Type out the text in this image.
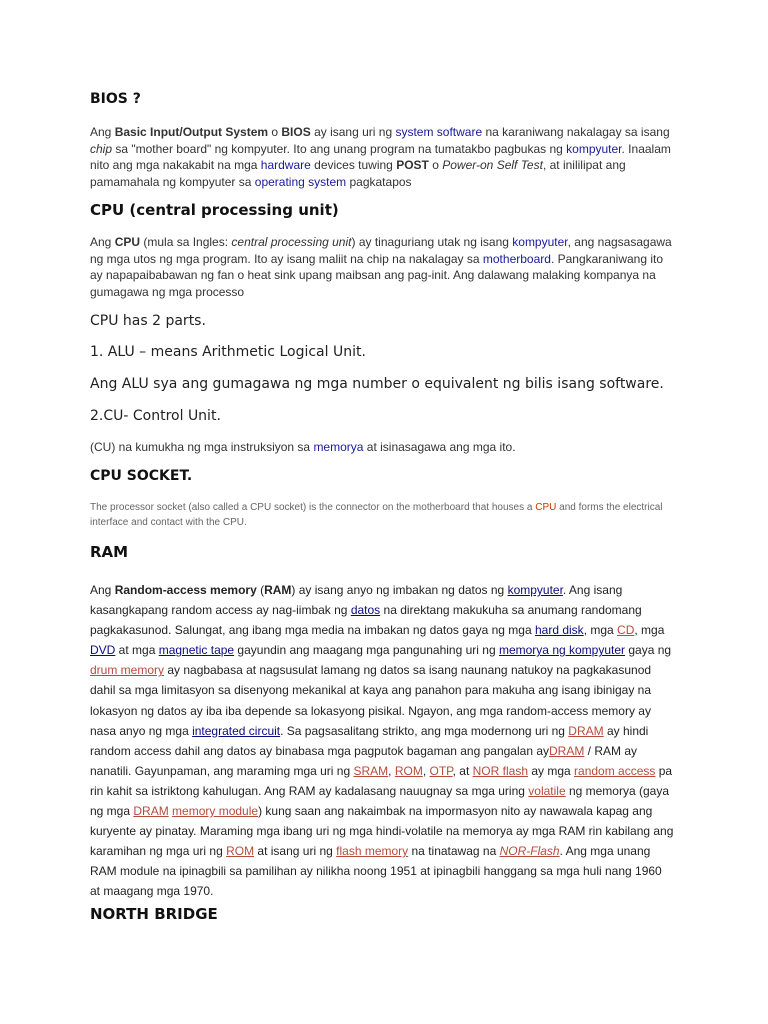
BIOS ?

Ang Basic Input/Output System o BIOS ay isang uri ng system software na karaniwang nakalagay sa isang chip sa "mother board" ng kompyuter. Ito ang unang program na tumatakbo pagbukas ng kompyuter. Inaalam nito ang mga nakakabit na mga hardware devices tuwing POST o Power-on Self Test, at inililipat ang pamamahala ng kompyuter sa operating system pagkatapos

CPU (central processing unit)

Ang CPU (mula sa Ingles: central processing unit) ay tinaguriang utak ng isang kompyuter, ang nagsasagawa ng mga utos ng mga program. Ito ay isang maliit na chip na nakalagay sa motherboard. Pangkaraniwang ito ay napapaibabawan ng fan o heat sink upang maibsan ang pag-init. Ang dalawang malaking kompanya na gumagawa ng mga processo

CPU has 2 parts.

1. ALU – means Arithmetic Logical Unit.

Ang ALU sya ang gumagawa ng mga number o equivalent ng bilis isang software.

2.CU- Control Unit.

(CU) na kumukha ng mga instruksiyon sa memorya at isinasagawa ang mga ito.

CPU SOCKET.

The processor socket (also called a CPU socket) is the connector on the motherboard that houses a CPU and forms the electrical interface and contact with the CPU.

RAM

Ang Random-access memory (RAM) ay isang anyo ng imbakan ng datos ng kompyuter. Ang isang kasangkapang random access ay nag-iimbak ng datos na direktang makukuha sa anumang randomang pagkakasunod. Salungat, ang ibang mga media na imbakan ng datos gaya ng mga hard disk, mga CD, mga DVD at mga magnetic tape gayundin ang maagang mga pangunahing uri ng memorya ng kompyuter gaya ng drum memory ay nagbabasa at nagsusulat lamang ng datos sa isang naunang natukoy na pagkakasunod dahil sa mga limitasyon sa disenyong mekanikal at kaya ang panahon para makuha ang isang ibinigay na lokasyon ng datos ay iba iba depende sa lokasyong pisikal. Ngayon, ang mga random-access memory ay nasa anyo ng mga integrated circuit. Sa pagsasalitang strikto, ang mga modernong uri ng DRAM ay hindi random access dahil ang datos ay binabasa mga pagputok bagaman ang pangalan ayDRAM / RAM ay nanatili. Gayunpaman, ang maraming mga uri ng SRAM, ROM, OTP, at NOR flash ay mga random access pa rin kahit sa istriktong kahulugan. Ang RAM ay kadalasang nauugnay sa mga uring volatile ng memorya (gaya ng mga DRAM memory module) kung saan ang nakaimbak na impormasyon nito ay nawawala kapag ang kuryente ay pinatay. Maraming mga ibang uri ng mga hindi-volatile na memorya ay mga RAM rin kabilang ang karamihan ng mga uri ng ROM at isang uri ng flash memory na tinatawag na NOR-Flash. Ang mga unang RAM module na ipinagbili sa pamilihan ay nilikha noong 1951 at ipinagbili hanggang sa mga huli nang 1960 at maagang mga 1970.

NORTH BRIDGE
